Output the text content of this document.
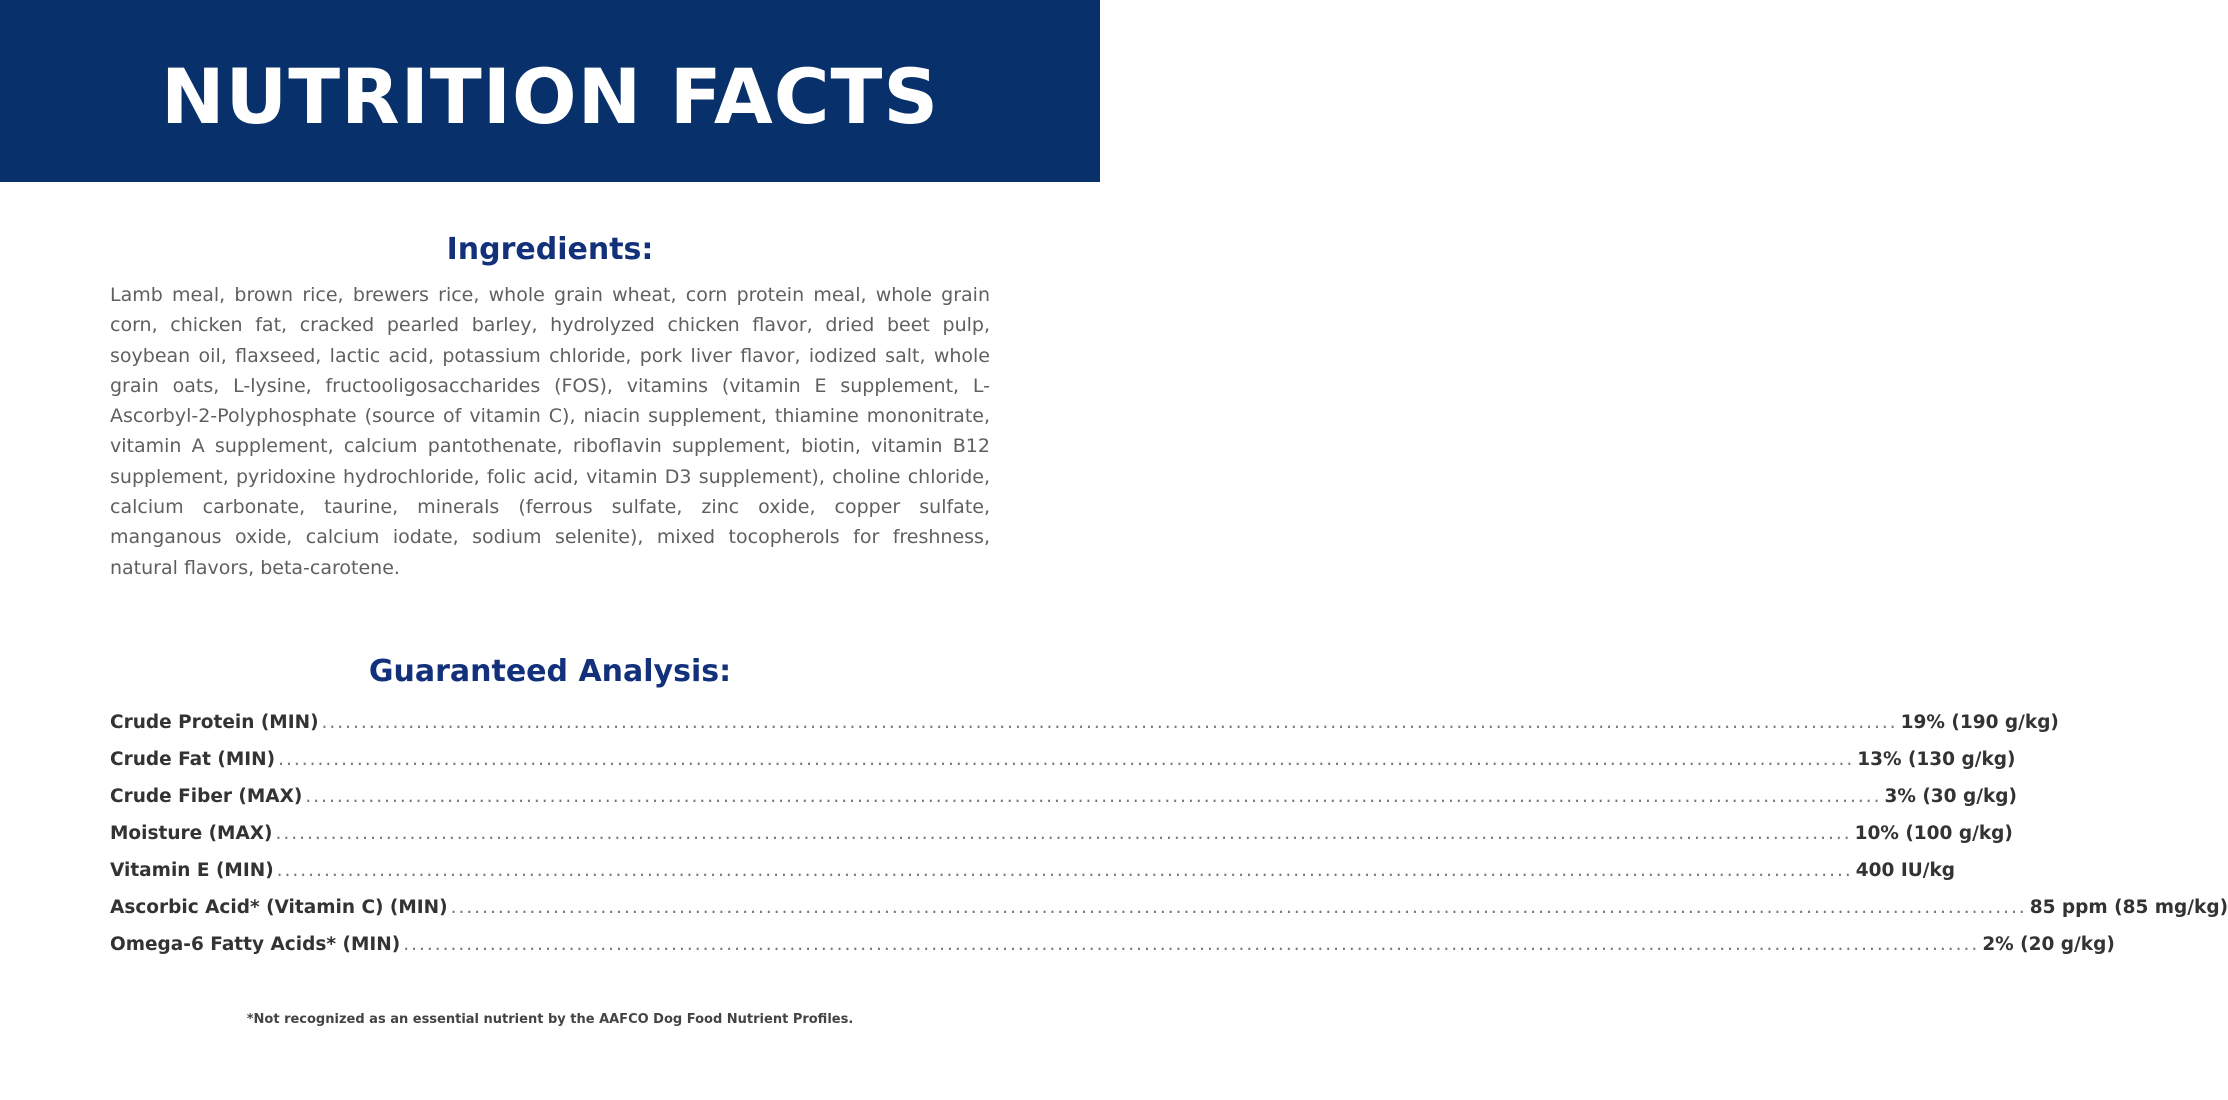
NUTRITION FACTS
Ingredients:

Lamb meal, brown rice, brewers rice, whole grain wheat, corn protein meal, whole grain corn, chicken fat, cracked pearled barley, hydrolyzed chicken flavor, dried beet pulp, soybean oil, flaxseed, lactic acid, potassium chloride, pork liver flavor, iodized salt, whole grain oats, L-lysine, fructooligosaccharides (FOS), vitamins (vitamin E supplement, L-Ascorbyl-2-Polyphosphate (source of vitamin C), niacin supplement, thiamine mononitrate, vitamin A supplement, calcium pantothenate, riboflavin supplement, biotin, vitamin B12 supplement, pyridoxine hydrochloride, folic acid, vitamin D3 supplement), choline chloride, calcium carbonate, taurine, minerals (ferrous sulfate, zinc oxide, copper sulfate, manganous oxide, calcium iodate, sodium selenite), mixed tocopherols for freshness, natural flavors, beta-carotene.

Guaranteed Analysis:
Crude Protein (MIN) ........................................................................................................................................................................................................ 19% (190 g/kg)
Crude Fat (MIN) ........................................................................................................................................................................................................ 13% (130 g/kg)
Crude Fiber (MAX) ........................................................................................................................................................................................................ 3% (30 g/kg)
Moisture (MAX) ........................................................................................................................................................................................................ 10% (100 g/kg)
Vitamin E (MIN) ........................................................................................................................................................................................................ 400 IU/kg
Ascorbic Acid* (Vitamin C) (MIN) ........................................................................................................................................................................................................ 85 ppm (85 mg/kg)
Omega-6 Fatty Acids* (MIN) ........................................................................................................................................................................................................ 2% (20 g/kg)

*Not recognized as an essential nutrient by the AAFCO Dog Food Nutrient Profiles.
